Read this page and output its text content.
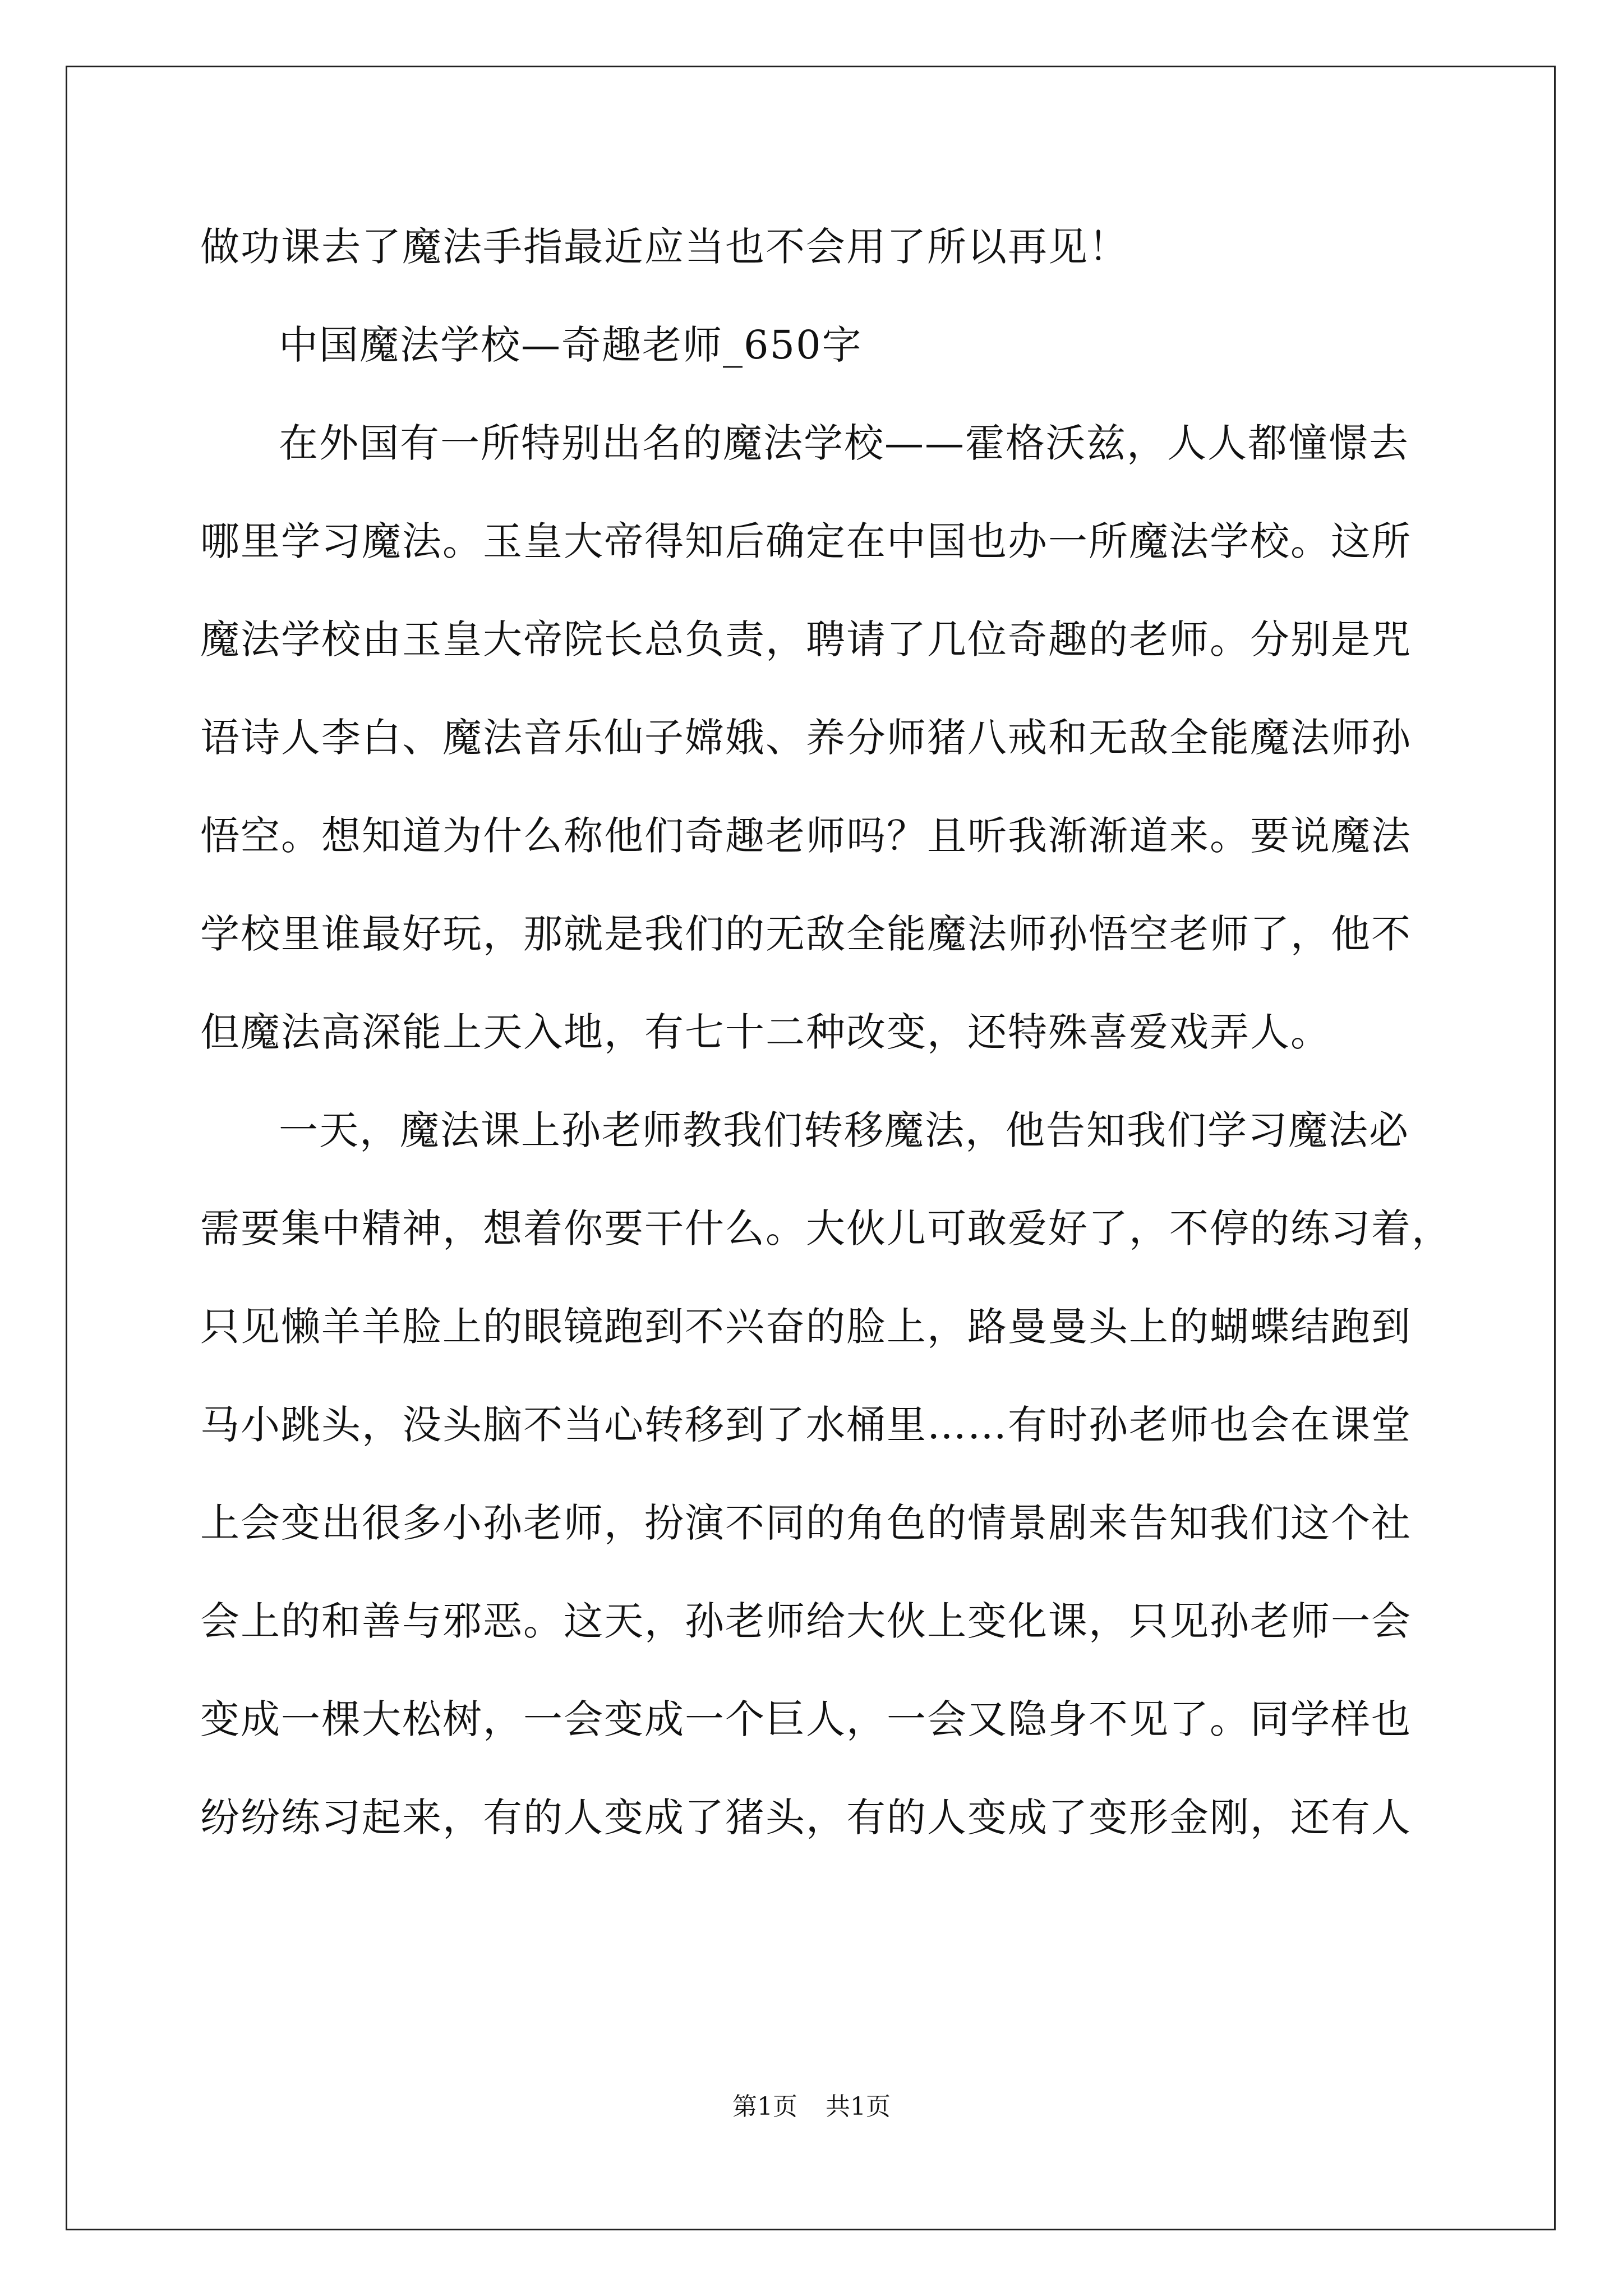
做功课去了魔法手指最近应当也不会用了所以再见！
中国魔法学校—奇趣老师_650字
在外国有一所特别出名的魔法学校——霍格沃兹，人人都憧憬去
哪里学习魔法。玉皇大帝得知后确定在中国也办一所魔法学校。这所
魔法学校由玉皇大帝院长总负责，聘请了几位奇趣的老师。分别是咒
语诗人李白、魔法音乐仙子嫦娥、养分师猪八戒和无敌全能魔法师孙
悟空。想知道为什么称他们奇趣老师吗？且听我渐渐道来。要说魔法
学校里谁最好玩，那就是我们的无敌全能魔法师孙悟空老师了，他不
但魔法高深能上天入地，有七十二种改变，还特殊喜爱戏弄人。
一天，魔法课上孙老师教我们转移魔法，他告知我们学习魔法必
需要集中精神，想着你要干什么。大伙儿可敢爱好了，不停的练习着，
只见懒羊羊脸上的眼镜跑到不兴奋的脸上，路曼曼头上的蝴蝶结跑到
马小跳头，没头脑不当心转移到了水桶里……有时孙老师也会在课堂
上会变出很多小孙老师，扮演不同的角色的情景剧来告知我们这个社
会上的和善与邪恶。这天，孙老师给大伙上变化课，只见孙老师一会
变成一棵大松树，一会变成一个巨人，一会又隐身不见了。同学样也
纷纷练习起来，有的人变成了猪头，有的人变成了变形金刚，还有人
第1页 共1页
